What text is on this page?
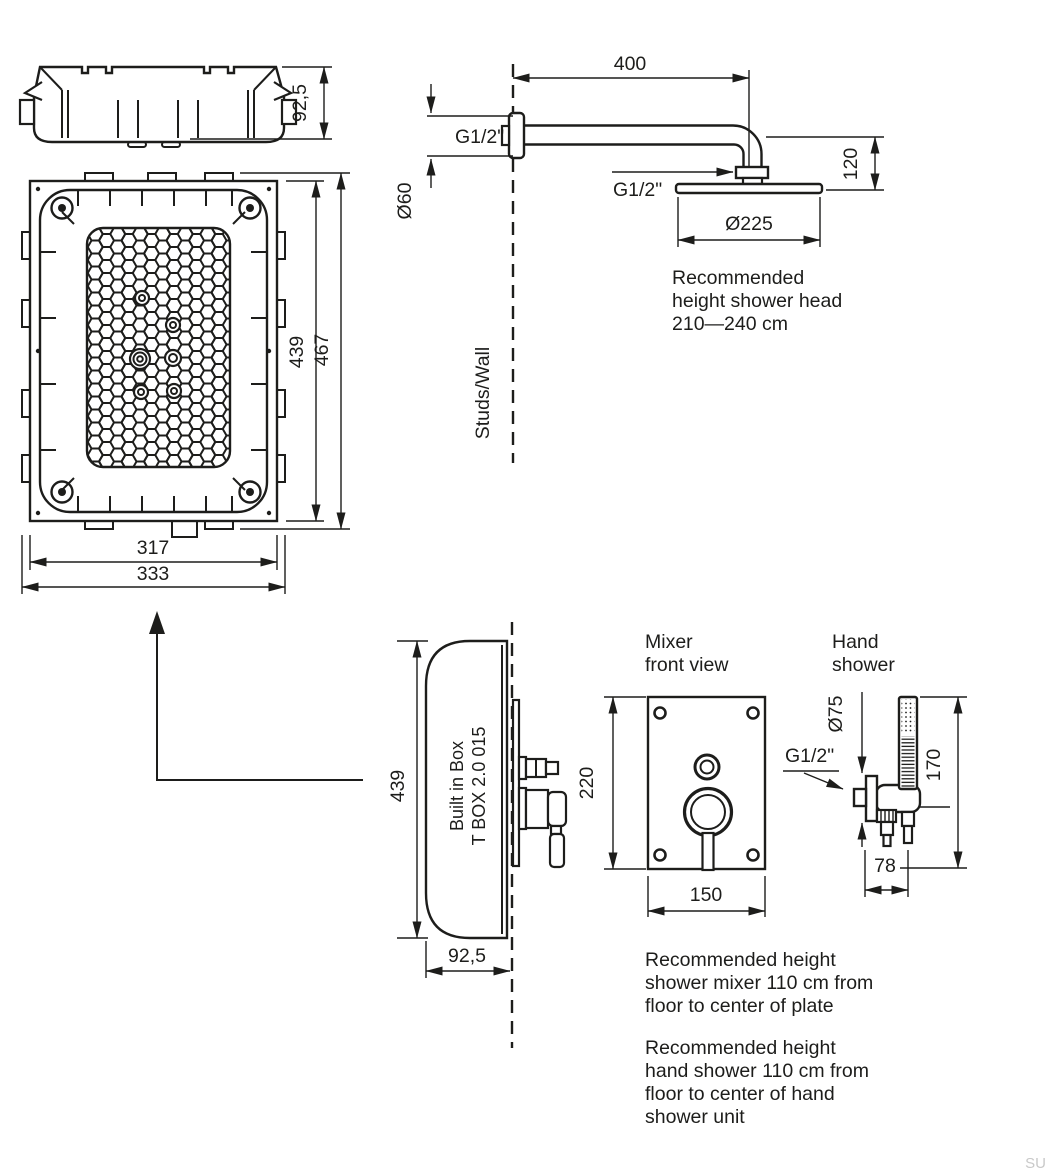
92,5
439 467
317
333
400
Ø60
G1/2"
G1/2"
120
Ø225
Recommended
height shower head
210—240 cm
Studs/Wall
Built in Box T BOX 2.0 015
439
92,5
Mixer
front view
220
150
Hand
shower
G1/2"
Ø75
170
78
Recommended height
shower mixer 110 cm from
floor to center of plate
Recommended height
hand shower 110 cm from
floor to center of hand
shower unit
SU
